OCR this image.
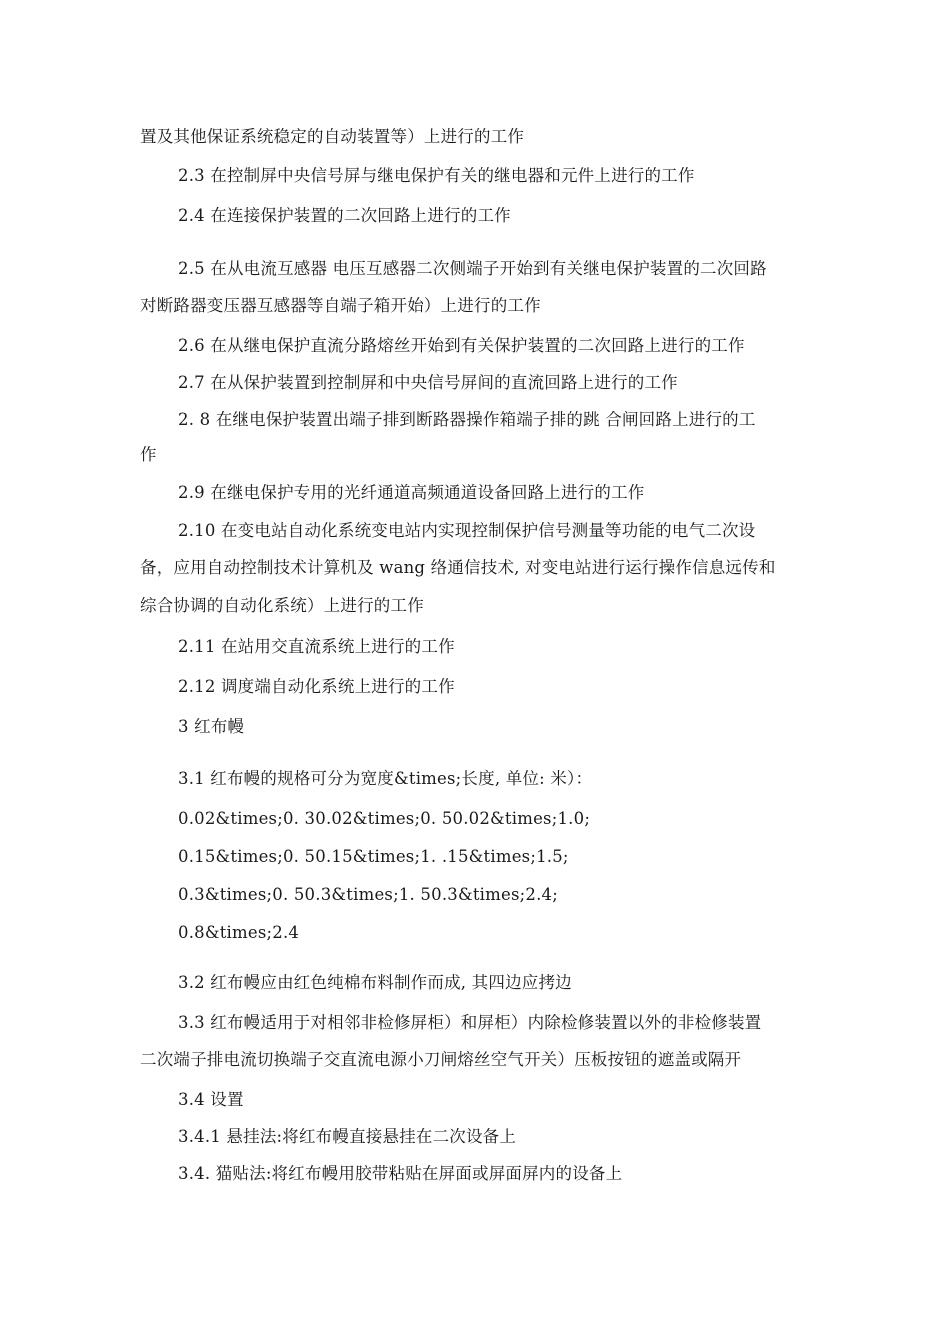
置及其他保证系统稳定的自动装置等）上进行的工作
2.3 在控制屏中央信号屏与继电保护有关的继电器和元件上进行的工作
2.4 在连接保护装置的二次回路上进行的工作
2.5 在从电流互感器 电压互感器二次侧端子开始到有关继电保护装置的二次回路
对断路器变压器互感器等自端子箱开始）上进行的工作
2.6 在从继电保护直流分路熔丝开始到有关保护装置的二次回路上进行的工作
2.7 在从保护装置到控制屏和中央信号屏间的直流回路上进行的工作
2. 8 在继电保护装置出端子排到断路器操作箱端子排的跳 合闸回路上进行的工
作
2.9 在继电保护专用的光纤通道高频通道设备回路上进行的工作
2.10 在变电站自动化系统变电站内实现控制保护信号测量等功能的电气二次设
备，应用自动控制技术计算机及 wang 络通信技术, 对变电站进行运行操作信息远传和
综合协调的自动化系统）上进行的工作
2.11 在站用交直流系统上进行的工作
2.12 调度端自动化系统上进行的工作
3 红布幔
3.1 红布幔的规格可分为宽度&times;长度, 单位: 米）：
0.02&times;0. 30.02&times;0. 50.02&times;1.0;
0.15&times;0. 50.15&times;1. .15&times;1.5;
0.3&times;0. 50.3&times;1. 50.3&times;2.4;
0.8&times;2.4
3.2 红布幔应由红色纯棉布料制作而成, 其四边应拷边
3.3 红布幔适用于对相邻非检修屏柜）和屏柜）内除检修装置以外的非检修装置
二次端子排电流切换端子交直流电源小刀闸熔丝空气开关）压板按钮的遮盖或隔开
3.4 设置
3.4.1 悬挂法:将红布幔直接悬挂在二次设备上
3.4. 猫贴法:将红布幔用胶带粘贴在屏面或屏面屏内的设备上
